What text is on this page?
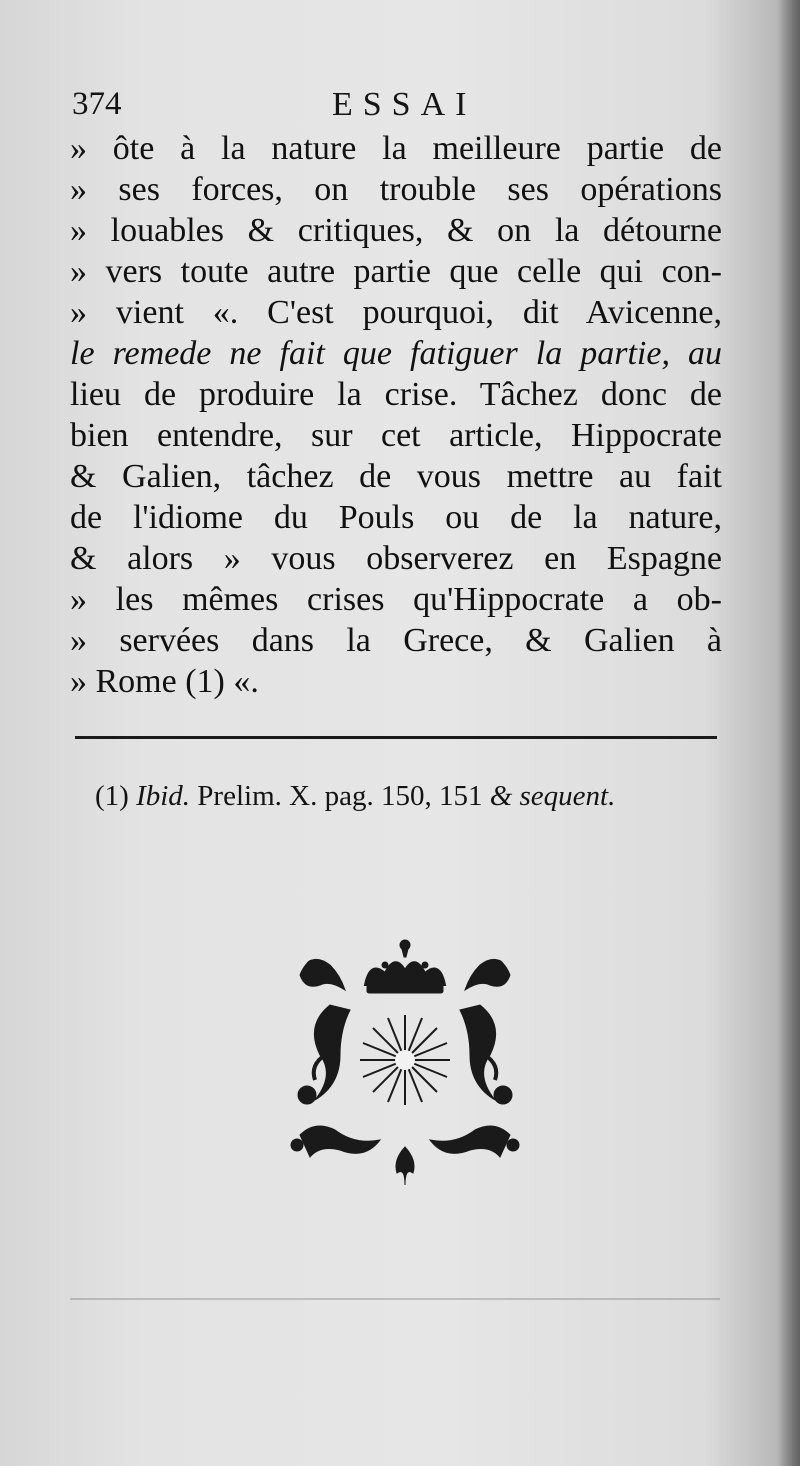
374	ESSAI
» ôte à la nature la meilleure partie de
» ses forces, on trouble ses opérations
» louables & critiques, & on la détourne
» vers toute autre partie que celle qui con-
» vient «. C'est pourquoi, dit Avicenne,
le remede ne fait que fatiguer la partie, au
lieu de produire la crise. Tâchez donc de
bien entendre, sur cet article, Hippocrate
& Galien, tâchez de vous mettre au fait
de l'idiome du Pouls ou de la nature,
& alors » vous observerez en Espagne
» les mêmes crises qu'Hippocrate a ob-
» servées dans la Grece, & Galien à
» Rome (1) «.
(1) Ibid. Prelim. X. pag. 150, 151 & sequent.
